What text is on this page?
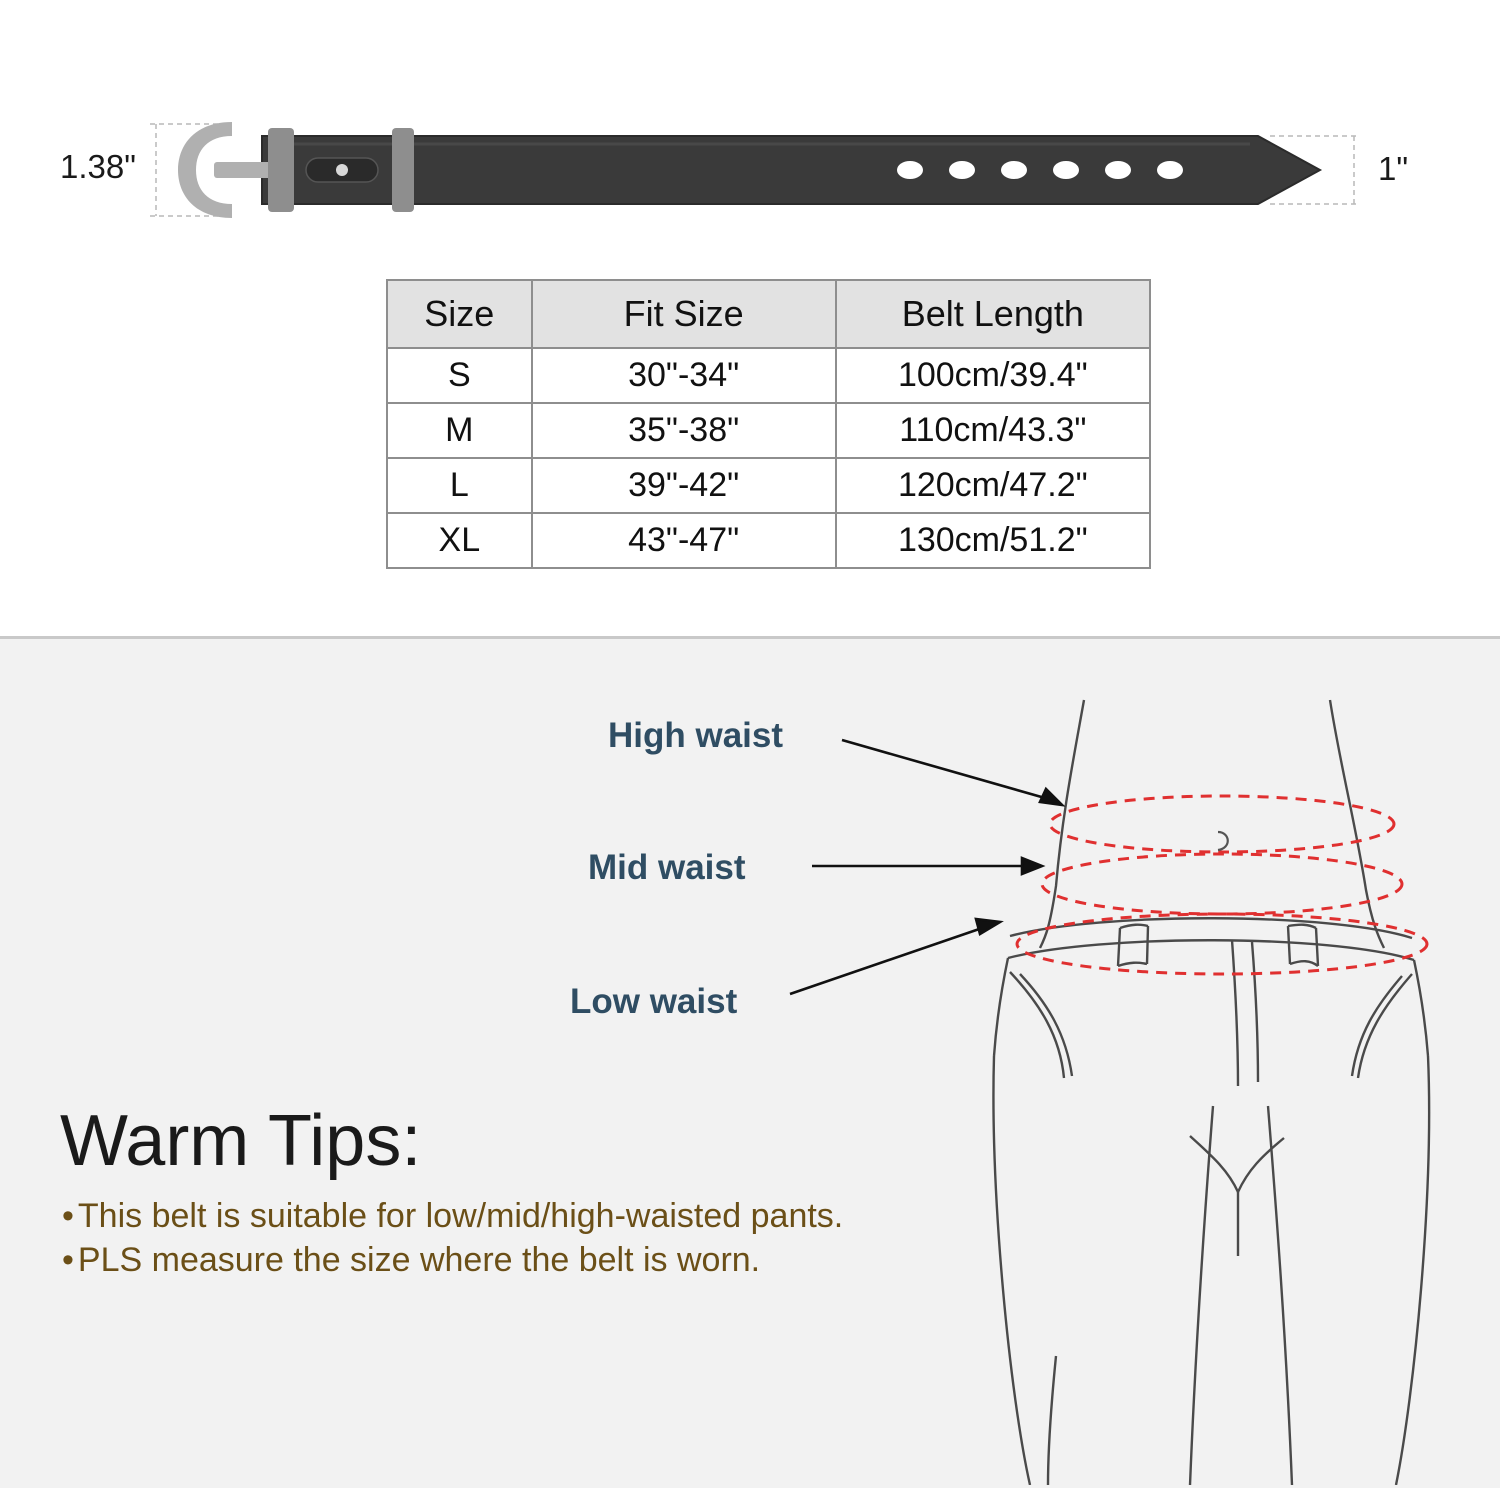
1.38"	1"
Size	Fit Size	Belt Length
S	30"-34"	100cm/39.4"
M	35"-38"	110cm/43.3"
L	39"-42"	120cm/47.2"
XL	43"-47"	130cm/51.2"
High waist
Mid waist
Low waist
Warm Tips:
• This belt is suitable for low/mid/high-waisted pants.
• PLS measure the size where the belt is worn.
